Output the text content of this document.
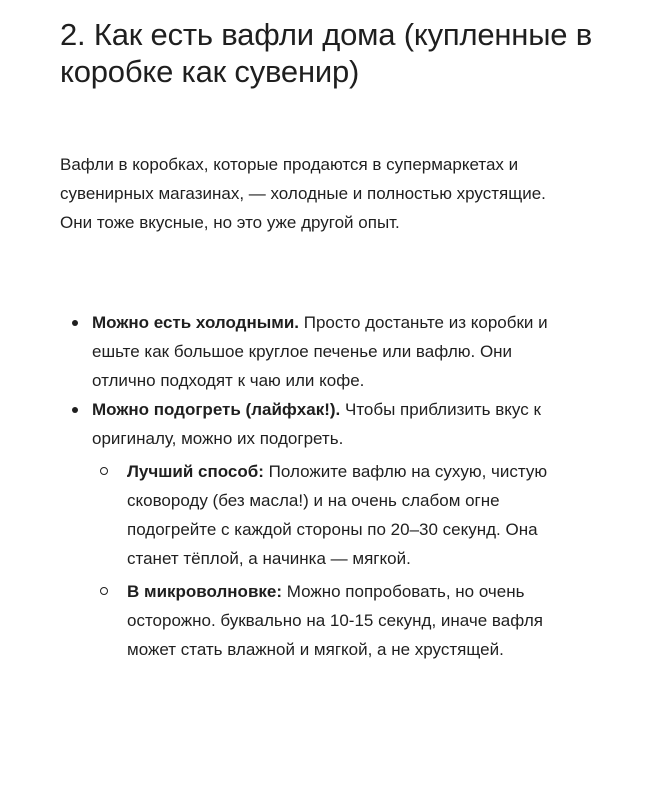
2. Как есть вафли дома (купленные в коробке как сувенир)

Вафли в коробках, которые продаются в супермаркетах и сувенирных магазинах, — холодные и полностью хрустящие. Они тоже вкусные, но это уже другой опыт.

Можно есть холодными. Просто достаньте из коробки и ешьте как большое круглое печенье или вафлю. Они отлично подходят к чаю или кофе.
Можно подогреть (лайфхак!). Чтобы приблизить вкус к оригиналу, можно их подогреть.
Лучший способ: Положите вафлю на сухую, чистую сковороду (без масла!) и на очень слабом огне подогрейте с каждой стороны по 20–30 секунд. Она станет тёплой, а начинка — мягкой.
В микроволновке: Можно попробовать, но очень осторожно. буквально на 10-15 секунд, иначе вафля может стать влажной и мягкой, а не хрустящей.
